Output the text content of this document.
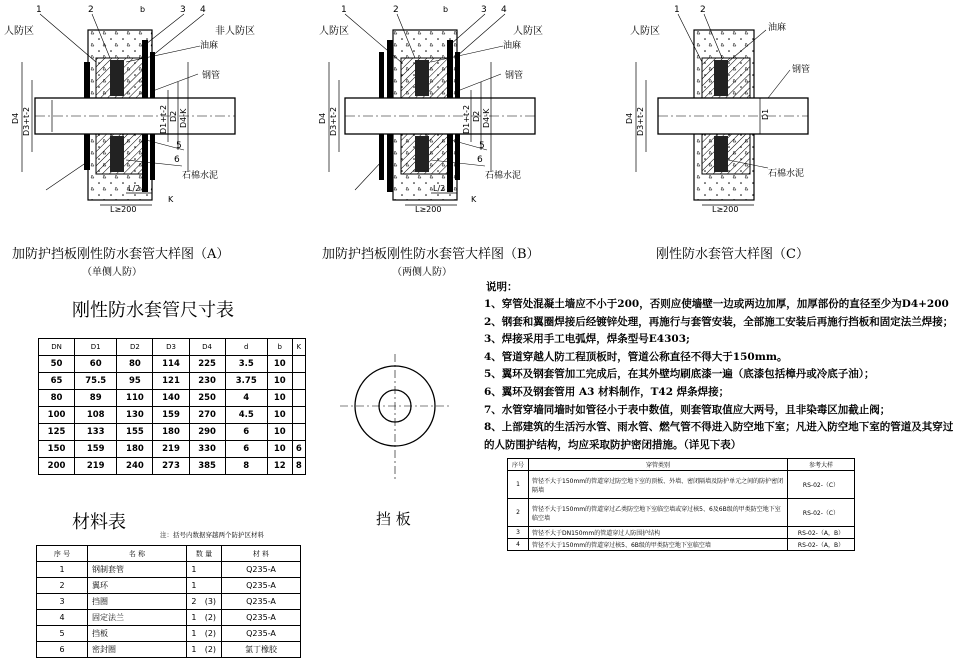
1	2	3 4
5
6
人防区	非人防区
油麻
钢管
石棉水泥
D4 D3+t-2	D1+t-2 D2 D4-K
L/2
L≥200
b
K
加防护挡板刚性防水套管大样图（A）
（单侧人防）
1	2	3 4
5
6
人防区	人防区
油麻
钢管
石棉水泥
D4 D3+t-2	D1+t-2 D2 D4-K
L/2
L≥200
b
K
加防护挡板刚性防水套管大样图（B）
（两侧人防）
1 2
人防区	油麻
钢管
石棉水泥
D4 D3+t-2	D1
L≥200
刚性防水套管大样图（C）
刚性防水套管尺寸表
DN	D1	D2	D3	D4	d	b	K
50	60	80	114	225	3.5	10	
65	75.5	95	121	230	3.75	10	
80	89	110	140	250	4	10	
100	108	130	159	270	4.5	10	
125	133	155	180	290	6	10	
150	159	180	219	330	6	10	6
200	219	240	273	385	8	12	8
挡 板
材料表
注：括号内数据穿越两个防护区材料
序 号	名 称	数 量		材 料
1	钢制套管	1		Q235-A
2	翼环	1		Q235-A
3	挡圈	2	(3)	Q235-A
4	固定法兰	1	(2)	Q235-A
5	挡板	1	(2)	Q235-A
6	密封圈	1	(2)	氯丁橡胶
说明：
1、穿管处混凝土墙应不小于200，否则应使墙壁一边或两边加厚，加厚部份的直径至少为D4+200
2、钢套和翼圈焊接后经镀锌处理，再施行与套管安装，全部施工安装后再施行挡板和固定法兰焊接；
3、焊接采用手工电弧焊，焊条型号E4303;
4、管道穿越人防工程顶板时，管道公称直径不得大于150mm。
5、翼环及钢套管加工完成后，在其外壁均刷底漆一遍（底漆包括樟丹或冷底子油）；
6、翼环及钢套管用 A3 材料制作，T42 焊条焊接；
7、水管穿墙同墙时如管径小于表中数值，则套管取值应大两号，且非染毒区加截止阀；
8、上部建筑的生活污水管、雨水管、燃气管不得进入防空地下室；凡进入防空地下室的管道及其穿过
的人防围护结构，均应采取防护密闭措施。（详见下表）
序号	穿管类别	参考大样
1	管径不大于150mm的管道穿过防空地下室的顶板、外墙、密闭隔墙及防护单元之间的防护密闭隔墙	RS-02-（C）
2	管径不大于150mm的管道穿过乙类防空地下室临空墙或穿过核5、6及6B级的甲类防空地下室临空墙	RS-02-（C）
3	管径不大于DN150mm的管道穿过人防围护结构	RS-02-（A，B）
4	管径不大于150mm的管道穿过核5、6B级的甲类防空地下室临空墙	RS-02-（A，B）
